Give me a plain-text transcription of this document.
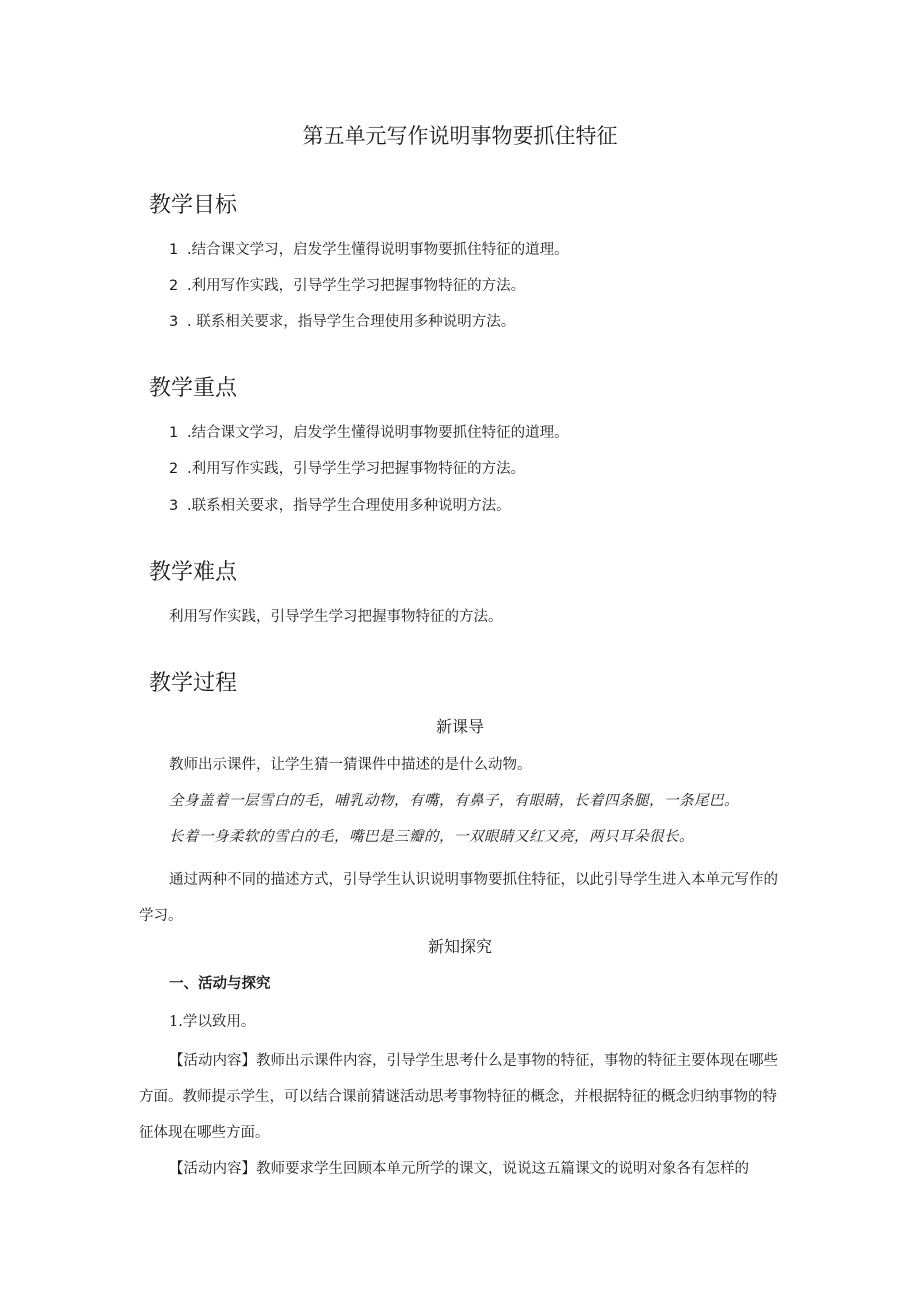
第五单元写作说明事物要抓住特征
教学目标
1 .结合课文学习，启发学生懂得说明事物要抓住特征的道理。
2 .利用写作实践，引导学生学习把握事物特征的方法。
3 . 联系相关要求，指导学生合理使用多种说明方法。
教学重点
1 .结合课文学习，启发学生懂得说明事物要抓住特征的道理。
2 .利用写作实践，引导学生学习把握事物特征的方法。
3 .联系相关要求，指导学生合理使用多种说明方法。
教学难点
利用写作实践，引导学生学习把握事物特征的方法。
教学过程
新课导
教师出示课件，让学生猜一猜课件中描述的是什么动物。
全身盖着一层雪白的毛，哺乳动物，有嘴，有鼻子，有眼睛，长着四条腿，一条尾巴。
长着一身柔软的雪白的毛，嘴巴是三瓣的，一双眼睛又红又亮，两只耳朵很长。
通过两种不同的描述方式，引导学生认识说明事物要抓住特征，以此引导学生进入本单元写作的学习。
新知探究
一、活动与探究
1.学以致用。
【活动内容】教师出示课件内容，引导学生思考什么是事物的特征，事物的特征主要体现在哪些方面。教师提示学生，可以结合课前猜谜活动思考事物特征的概念，并根据特征的概念归纳事物的特征体现在哪些方面。
【活动内容】教师要求学生回顾本单元所学的课文，说说这五篇课文的说明对象各有怎样的
